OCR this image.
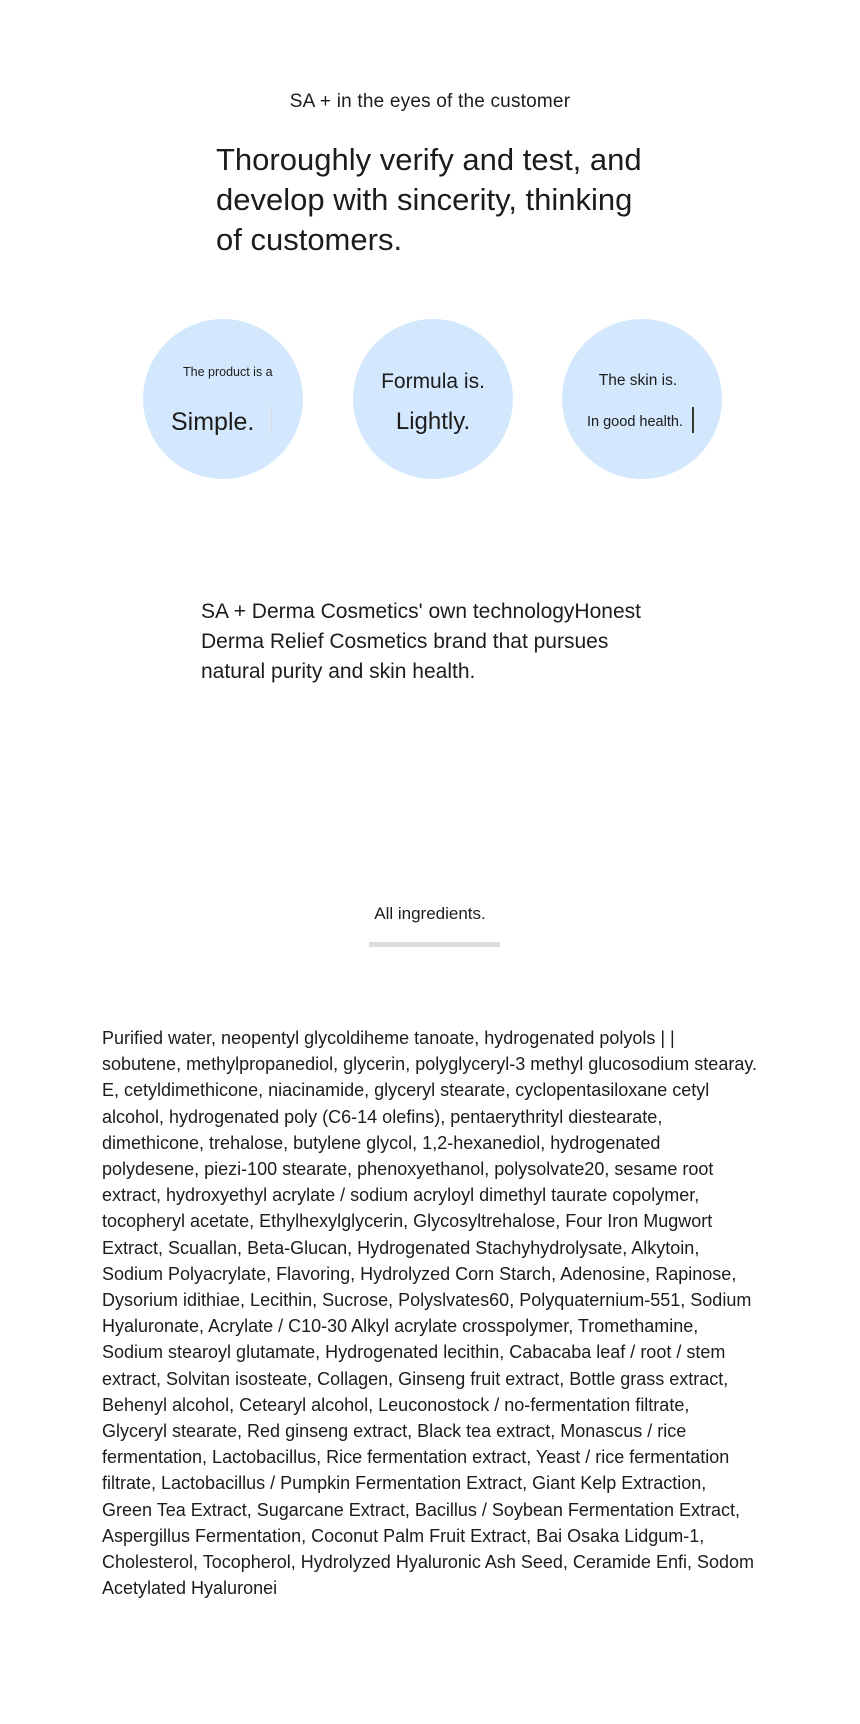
SA + in the eyes of the customer
Thoroughly verify and test, and develop with sincerity, thinking of customers.
The product is a
Simple.
Formula is.
Lightly.
The skin is.
In good health.

SA + Derma Cosmetics' own technologyHonest Derma Relief Cosmetics brand that pursues natural purity and skin health.

All ingredients.

Purified water, neopentyl glycoldiheme tanoate, hydrogenated polyols | | sobutene, methylpropanediol, glycerin, polyglyceryl-3 methyl glucosodium stearay. E, cetyldimethicone, niacinamide, glyceryl stearate, cyclopentasiloxane cetyl alcohol, hydrogenated poly (C6-14 olefins), pentaerythrityl diestearate, dimethicone, trehalose, butylene glycol, 1,2-hexanediol, hydrogenated polydesene, piezi-100 stearate, phenoxyethanol, polysolvate20, sesame root extract, hydroxyethyl acrylate / sodium acryloyl dimethyl taurate copolymer, tocopheryl acetate, Ethylhexylglycerin, Glycosyltrehalose, Four Iron Mugwort Extract, Scuallan, Beta-Glucan, Hydrogenated Stachyhydrolysate, Alkytoin, Sodium Polyacrylate, Flavoring, Hydrolyzed Corn Starch, Adenosine, Rapinose, Dysorium idithiae, Lecithin, Sucrose, Polyslvates60, Polyquaternium-551, Sodium Hyaluronate, Acrylate / C10-30 Alkyl acrylate crosspolymer, Tromethamine, Sodium stearoyl glutamate, Hydrogenated lecithin, Cabacaba leaf / root / stem extract, Solvitan isosteate, Collagen, Ginseng fruit extract, Bottle grass extract, Behenyl alcohol, Cetearyl alcohol, Leuconostock / no-fermentation filtrate, Glyceryl stearate, Red ginseng extract, Black tea extract, Monascus / rice fermentation, Lactobacillus, Rice fermentation extract, Yeast / rice fermentation filtrate, Lactobacillus / Pumpkin Fermentation Extract, Giant Kelp Extraction, Green Tea Extract, Sugarcane Extract, Bacillus / Soybean Fermentation Extract, Aspergillus Fermentation, Coconut Palm Fruit Extract, Bai Osaka Lidgum-1, Cholesterol, Tocopherol, Hydrolyzed Hyaluronic Ash Seed, Ceramide Enfi, Sodom Acetylated Hyaluronei
